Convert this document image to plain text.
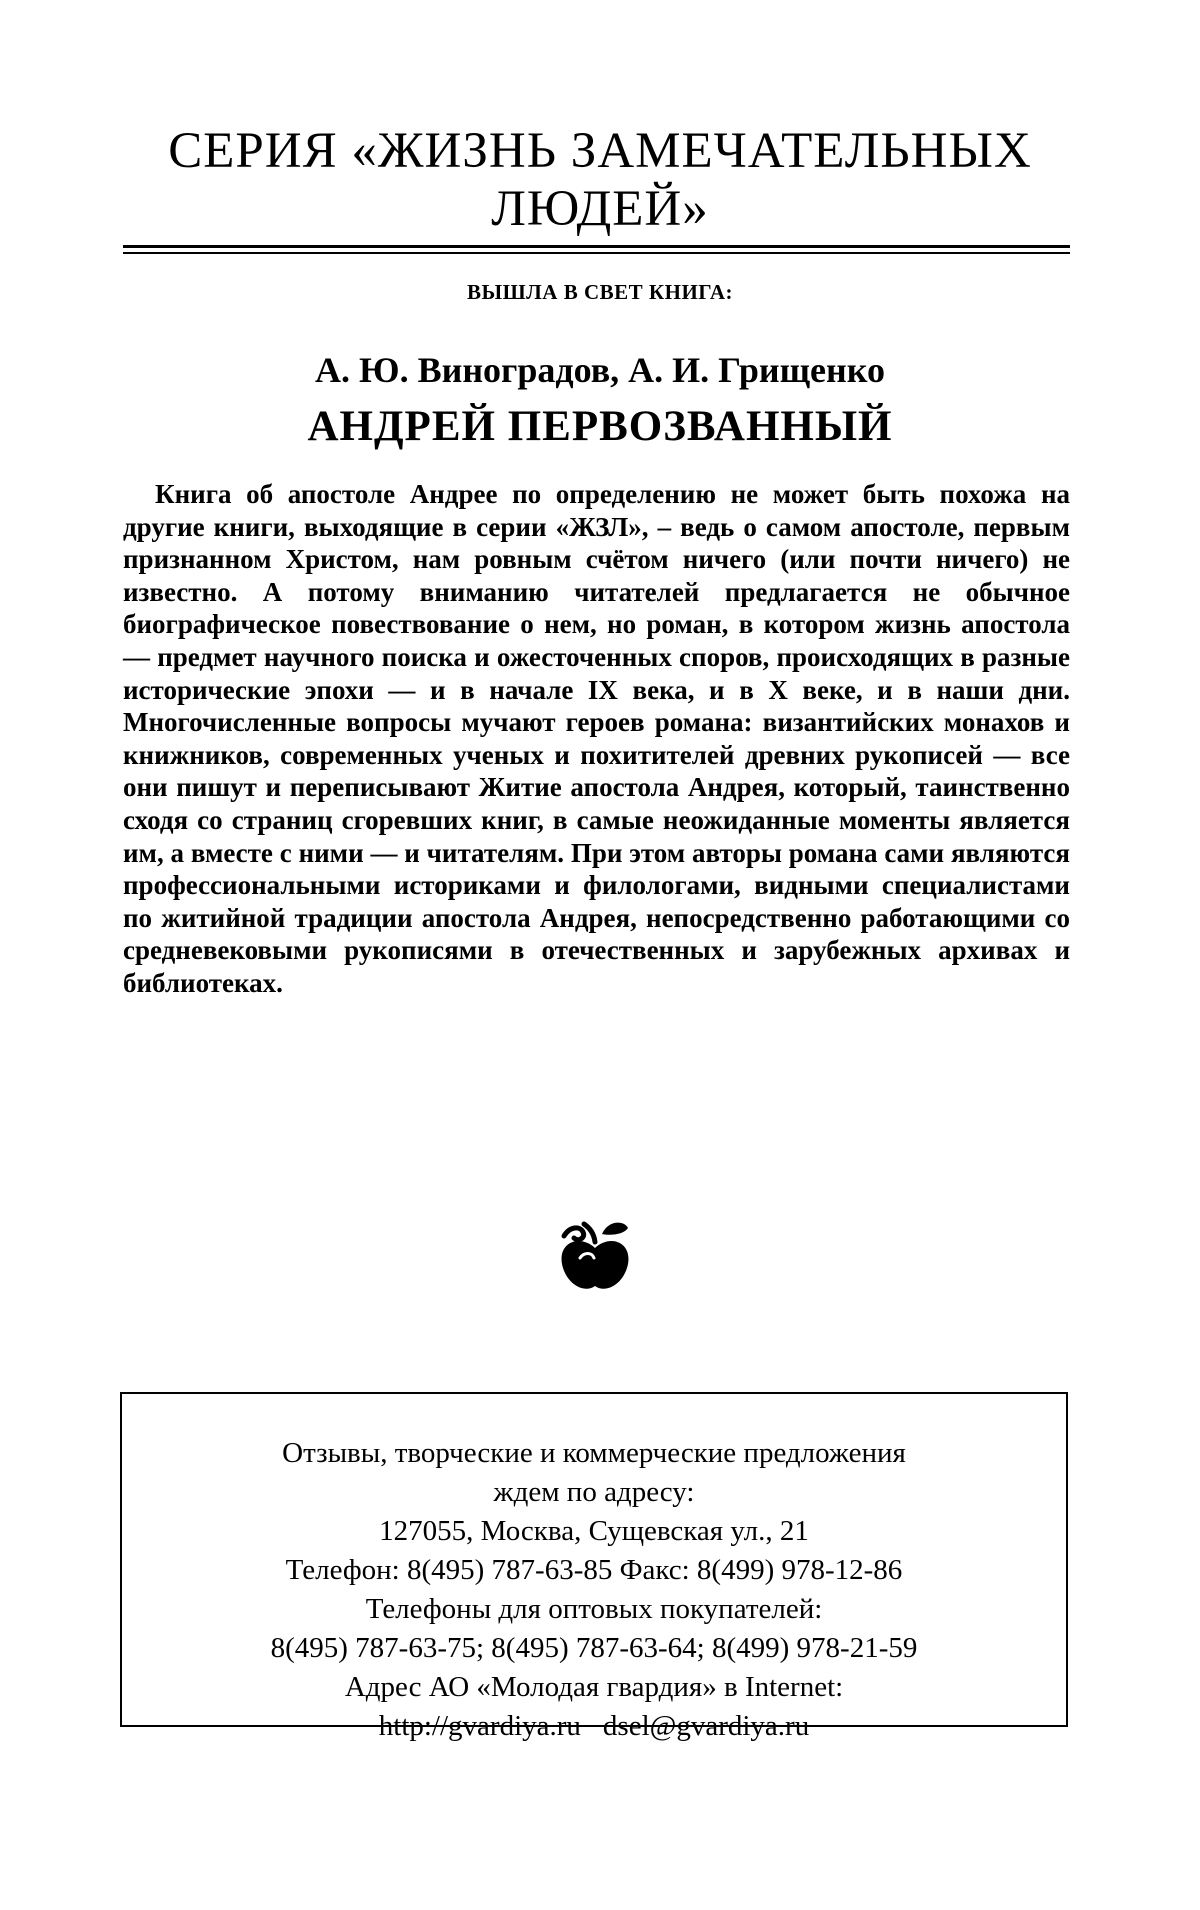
СЕРИЯ «ЖИЗНЬ ЗАМЕЧАТЕЛЬНЫХ
ЛЮДЕЙ»
ВЫШЛА В СВЕТ КНИГА:
А. Ю. Виноградов, А. И. Грищенко
АНДРЕЙ ПЕРВОЗВАННЫЙ

Книга об апостоле Андрее по определению не может быть похожа на другие книги, выходящие в серии «ЖЗЛ», – ведь о самом апостоле, первым признанном Христом, нам ровным счётом ничего (или почти ничего) не известно. А потому вниманию читателей предлагается не обычное биографическое повествование о нем, но роман, в котором жизнь апостола — предмет научного поиска и ожесточенных споров, происходящих в разные исторические эпохи — и в начале IX века, и в X веке, и в наши дни. Многочисленные вопросы мучают героев романа: византийских монахов и книжников, современных ученых и похитителей древних рукописей — все они пишут и переписывают Житие апостола Андрея, который, таинственно сходя со страниц сгоревших книг, в самые неожиданные моменты является им, а вместе с ними — и читателям. При этом авторы романа сами являются профессиональными историками и филологами, видными специалистами по житийной традиции апостола Андрея, непосредственно работающими со средневековыми рукописями в отечественных и зарубежных архивах и библиотеках.

Отзывы, творческие и коммерческие предложения
ждем по адресу:
127055, Москва, Сущевская ул., 21
Телефон: 8(495) 787-63-85 Факс: 8(499) 978-12-86
Телефоны для оптовых покупателей:
8(495) 787-63-75; 8(495) 787-63-64; 8(499) 978-21-59
Адрес АО «Молодая гвардия» в Internet:
http://gvardiya.ru dsel@gvardiya.ru
